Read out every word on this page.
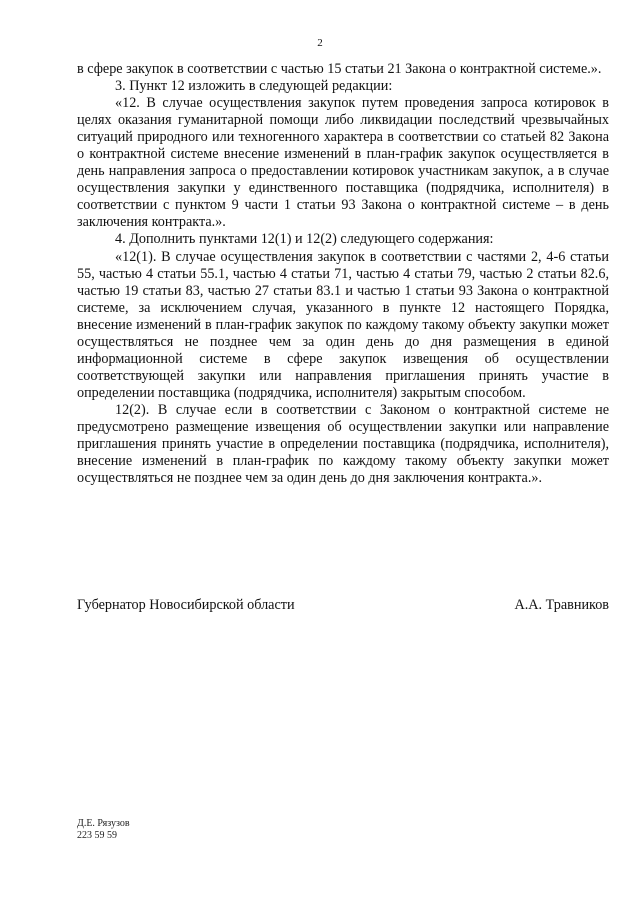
2

в сфере закупок в соответствии с частью 15 статьи 21 Закона о контрактной системе.».

3. Пункт 12 изложить в следующей редакции:

«12. В случае осуществления закупок путем проведения запроса котировок в целях оказания гуманитарной помощи либо ликвидации последствий чрезвычайных ситуаций природного или техногенного характера в соответствии со статьей 82 Закона о контрактной системе внесение изменений в план-график закупок осуществляется в день направления запроса о предоставлении котировок участникам закупок, а в случае осуществления закупки у единственного поставщика (подрядчика, исполнителя) в соответствии с пунктом 9 части 1 статьи 93 Закона о контрактной системе – в день заключения контракта.».

4. Дополнить пунктами 12(1) и 12(2) следующего содержания:

«12(1). В случае осуществления закупок в соответствии с частями 2, 4-6 статьи 55, частью 4 статьи 55.1, частью 4 статьи 71, частью 4 статьи 79, частью 2 статьи 82.6, частью 19 статьи 83, частью 27 статьи 83.1 и частью 1 статьи 93 Закона о контрактной системе, за исключением случая, указанного в пункте 12 настоящего Порядка, внесение изменений в план-график закупок по каждому такому объекту закупки может осуществляться не позднее чем за один день до дня размещения в единой информационной системе в сфере закупок извещения об осуществлении соответствующей закупки или направления приглашения принять участие в определении поставщика (подрядчика, исполнителя) закрытым способом.

12(2). В случае если в соответствии с Законом о контрактной системе не предусмотрено размещение извещения об осуществлении закупки или направление приглашения принять участие в определении поставщика (подрядчика, исполнителя), внесение изменений в план-график по каждому такому объекту закупки может осуществляться не позднее чем за один день до дня заключения контракта.».

Губернатор Новосибирской области	А.А. Травников
Д.Е. Рязузов
223 59 59
